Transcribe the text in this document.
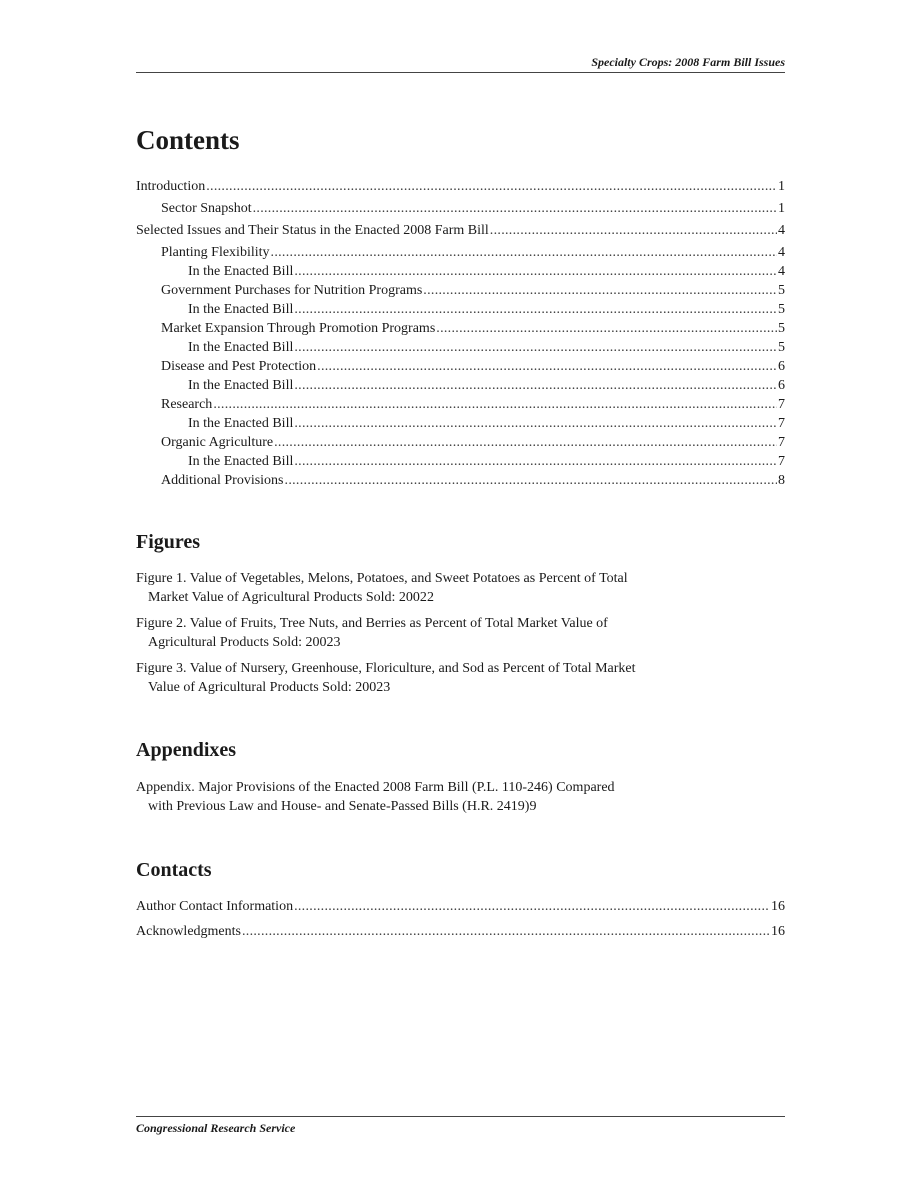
Specialty Crops: 2008 Farm Bill Issues
Contents
Introduction . . .	1
Sector Snapshot . . .	1
Selected Issues and Their Status in the Enacted 2008 Farm Bill . . .	4
Planting Flexibility . . .	4
In the Enacted Bill . . .	4
Government Purchases for Nutrition Programs . . .	5
In the Enacted Bill . . .	5
Market Expansion Through Promotion Programs . . .	5
In the Enacted Bill . . .	5
Disease and Pest Protection . . .	6
In the Enacted Bill . . .	6
Research . . .	7
In the Enacted Bill . . .	7
Organic Agriculture . . .	7
In the Enacted Bill . . .	7
Additional Provisions . . .	8
Figures
Figure 1. Value of Vegetables, Melons, Potatoes, and Sweet Potatoes as Percent of Total
Market Value of Agricultural Products Sold: 2002 2
Figure 2. Value of Fruits, Tree Nuts, and Berries as Percent of Total Market Value of
Agricultural Products Sold: 2002 3
Figure 3. Value of Nursery, Greenhouse, Floriculture, and Sod as Percent of Total Market
Value of Agricultural Products Sold: 2002 3
Appendixes
Appendix. Major Provisions of the Enacted 2008 Farm Bill (P.L. 110-246) Compared
with Previous Law and House- and Senate-Passed Bills (H.R. 2419) 9
Contacts
Author Contact Information . . .	16
Acknowledgments . . .	16
Congressional Research Service
